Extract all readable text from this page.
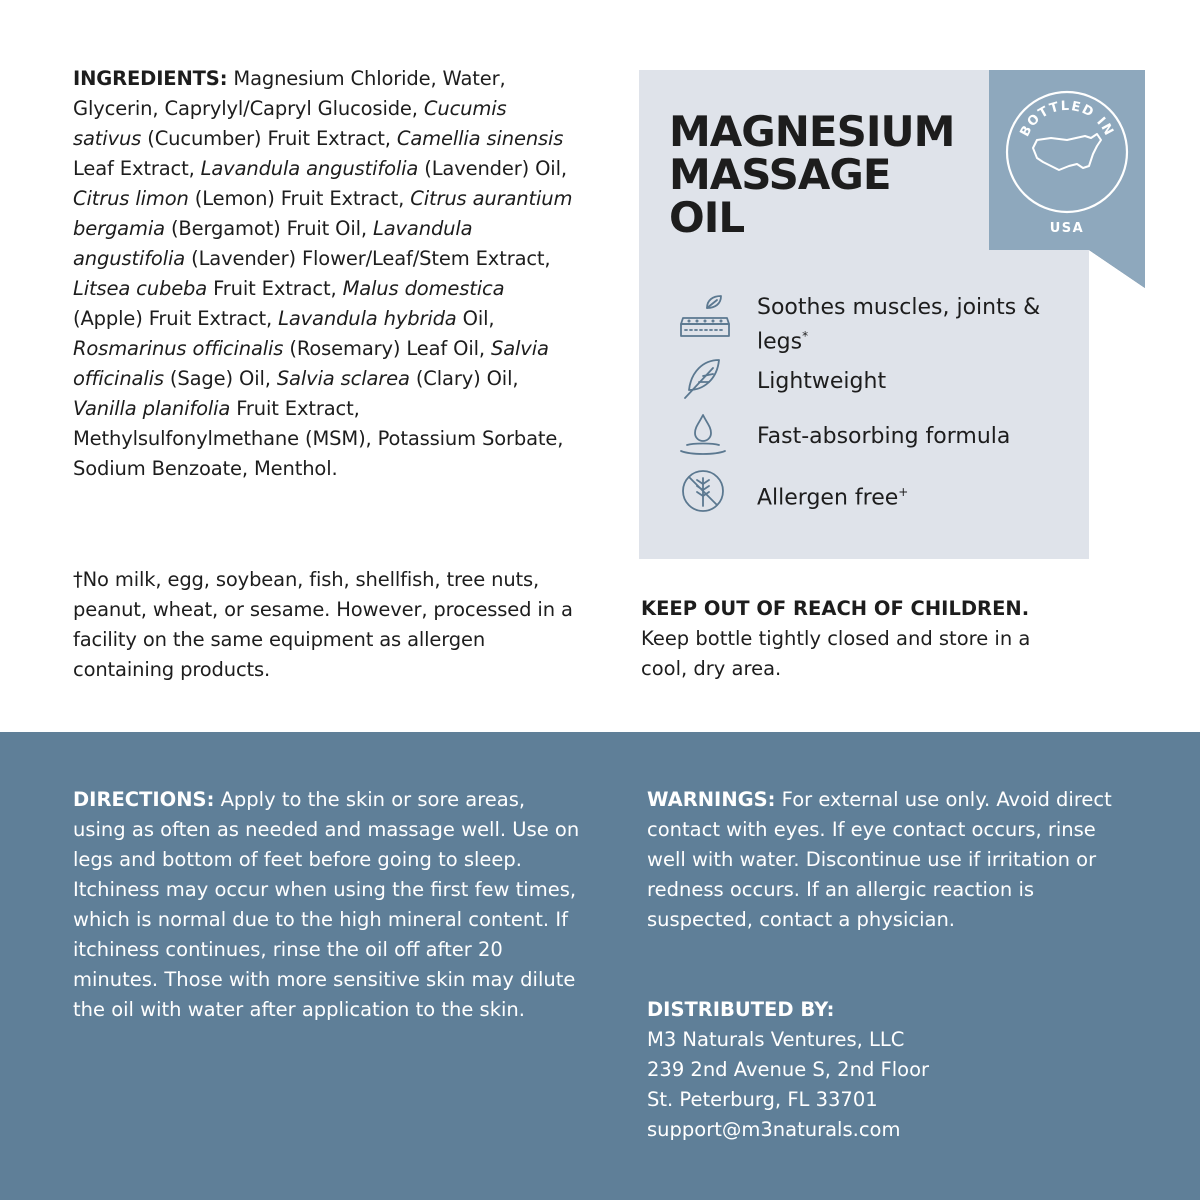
INGREDIENTS: Magnesium Chloride, Water, Glycerin, Caprylyl/Capryl Glucoside, Cucumis sativus (Cucumber) Fruit Extract, Camellia sinensis Leaf Extract, Lavandula angustifolia (Lavender) Oil, Citrus limon (Lemon) Fruit Extract, Citrus aurantium bergamia (Bergamot) Fruit Oil, Lavandula angustifolia (Lavender) Flower/Leaf/Stem Extract, Litsea cubeba Fruit Extract, Malus domestica (Apple) Fruit Extract, Lavandula hybrida Oil, Rosmarinus officinalis (Rosemary) Leaf Oil, Salvia officinalis (Sage) Oil, Salvia sclarea (Clary) Oil, Vanilla planifolia Fruit Extract, Methylsulfonylmethane (MSM), Potassium Sorbate, Sodium Benzoate, Menthol.
†No milk, egg, soybean, fish, shellfish, tree nuts, peanut, wheat, or sesame. However, processed in a facility on the same equipment as allergen containing products.
MAGNESIUM
MASSAGE
OIL
Soothes muscles, joints & legs*
Lightweight
Fast-absorbing formula
Allergen free+
BOTTLED IN
USA
KEEP OUT OF REACH OF CHILDREN.
Keep bottle tightly closed and store in a cool, dry area.
DIRECTIONS: Apply to the skin or sore areas, using as often as needed and massage well. Use on legs and bottom of feet before going to sleep. Itchiness may occur when using the first few times, which is normal due to the high mineral content. If itchiness continues, rinse the oil off after 20 minutes. Those with more sensitive skin may dilute the oil with water after application to the skin.
WARNINGS: For external use only. Avoid direct contact with eyes. If eye contact occurs, rinse well with water. Discontinue use if irritation or redness occurs. If an allergic reaction is suspected, contact a physician.
DISTRIBUTED BY:
M3 Naturals Ventures, LLC
239 2nd Avenue S, 2nd Floor
St. Peterburg, FL 33701
support@m3naturals.com
